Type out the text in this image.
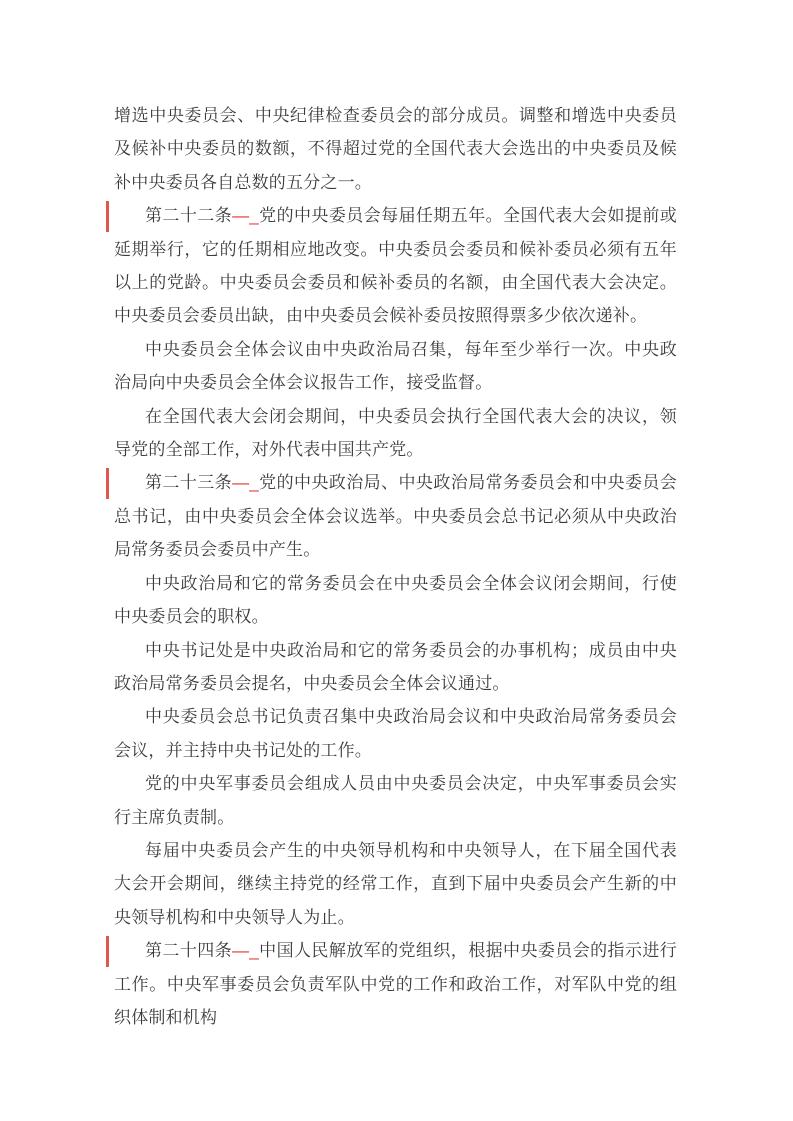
增选中央委员会、中央纪律检查委员会的部分成员。调整和增选中央委员及候补中央委员的数额，不得超过党的全国代表大会选出的中央委员及候补中央委员各自总数的五分之一。

第二十二条—_党的中央委员会每届任期五年。全国代表大会如提前或延期举行，它的任期相应地改变。中央委员会委员和候补委员必须有五年以上的党龄。中央委员会委员和候补委员的名额，由全国代表大会决定。中央委员会委员出缺，由中央委员会候补委员按照得票多少依次递补。

中央委员会全体会议由中央政治局召集，每年至少举行一次。中央政治局向中央委员会全体会议报告工作，接受监督。

在全国代表大会闭会期间，中央委员会执行全国代表大会的决议，领导党的全部工作，对外代表中国共产党。

第二十三条—_党的中央政治局、中央政治局常务委员会和中央委员会总书记，由中央委员会全体会议选举。中央委员会总书记必须从中央政治局常务委员会委员中产生。

中央政治局和它的常务委员会在中央委员会全体会议闭会期间，行使中央委员会的职权。

中央书记处是中央政治局和它的常务委员会的办事机构；成员由中央政治局常务委员会提名，中央委员会全体会议通过。

中央委员会总书记负责召集中央政治局会议和中央政治局常务委员会会议，并主持中央书记处的工作。

党的中央军事委员会组成人员由中央委员会决定，中央军事委员会实行主席负责制。

每届中央委员会产生的中央领导机构和中央领导人，在下届全国代表大会开会期间，继续主持党的经常工作，直到下届中央委员会产生新的中央领导机构和中央领导人为止。

第二十四条—_中国人民解放军的党组织，根据中央委员会的指示进行工作。中央军事委员会负责军队中党的工作和政治工作，对军队中党的组织体制和机构
